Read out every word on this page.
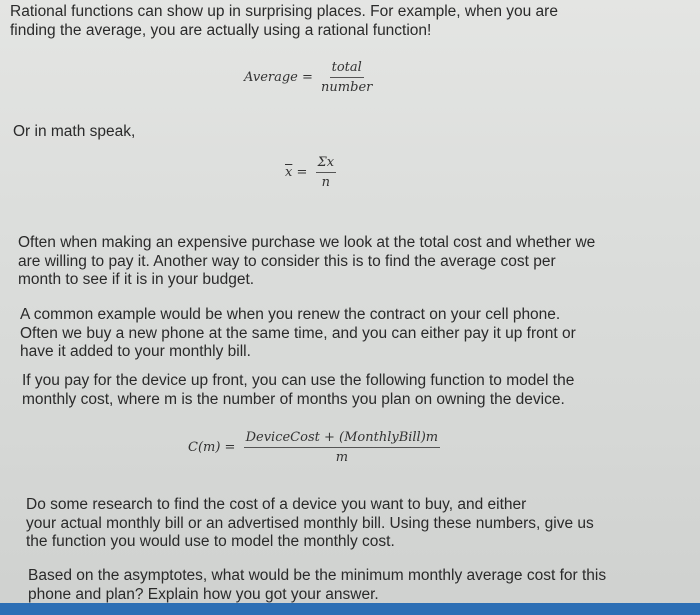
Rational functions can show up in surprising places. For example, when you are
finding the average, you are actually using a rational function!
Average = $\frac{\text{total}}{\text{number}}$
Or in math speak,
$\overline{x} = \frac{\Sigma x}{n}$
Often when making an expensive purchase we look at the total cost and whether we
are willing to pay it. Another way to consider this is to find the average cost per
month to see if it is in your budget.
A common example would be when you renew the contract on your cell phone.
Often we buy a new phone at the same time, and you can either pay it up front or
have it added to your monthly bill.
If you pay for the device up front, you can use the following function to model the
monthly cost, where m is the number of months you plan on owning the device.
$C(m) = \frac{\text{DeviceCost + (MonthlyBill)m}}{m}$
Do some research to find the cost of a device you want to buy, and either
your actual monthly bill or an advertised monthly bill. Using these numbers, give us
the function you would use to model the monthly cost.
Based on the asymptotes, what would be the minimum monthly average cost for this
phone and plan? Explain how you got your answer.
